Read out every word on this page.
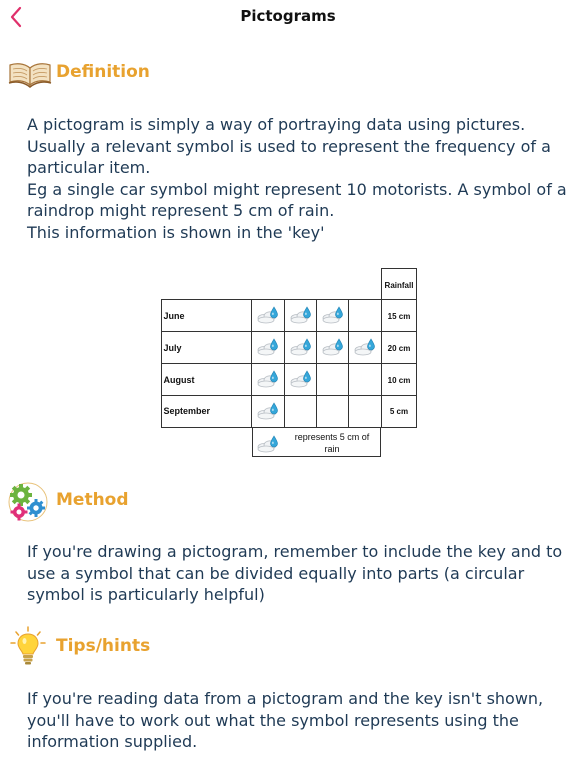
Pictograms
Definition

A pictogram is simply a way of portraying data using pictures.

Usually a relevant symbol is used to represent the frequency of a particular item.

Eg a single car symbol might represent 10 motorists. A symbol of a raindrop might represent 5 cm of rain.

This information is shown in the 'key'

Rainfall
June
July
August
September
15 cm
20 cm
10 cm
5 cm
represents 5 cm of
rain
Method

If you're drawing a pictogram, remember to include the key and to use a symbol that can be divided equally into parts (a circular symbol is particularly helpful)

Tips/hints

If you're reading data from a pictogram and the key isn't shown, you'll have to work out what the symbol represents using the information supplied.
